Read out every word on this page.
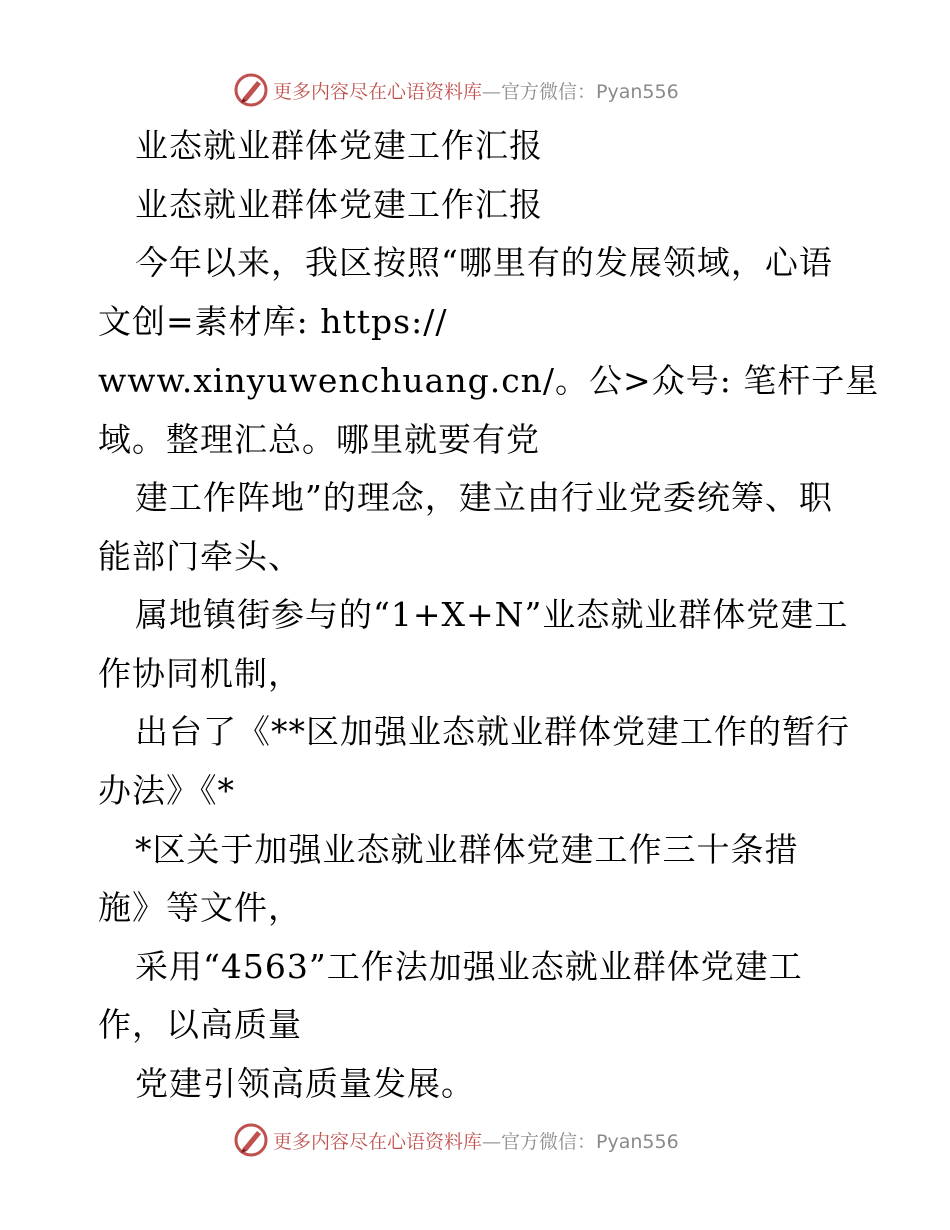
更多内容尽在心语资料库—官方微信：Pyan556
业态就业群体党建工作汇报
业态就业群体党建工作汇报
今年以来，我区按照“哪里有的发展领域，心语
文创=素材库: https://
www.xinyuwenchuang.cn/。公>众号: 笔杆子星
域。整理汇总。哪里就要有党
建工作阵地”的理念，建立由行业党委统筹、职
能部门牵头、
属地镇街参与的“1+X+N”业态就业群体党建工
作协同机制，
出台了《**区加强业态就业群体党建工作的暂行
办法》《*
*区关于加强业态就业群体党建工作三十条措
施》等文件，
采用“4563”工作法加强业态就业群体党建工
作，以高质量
党建引领高质量发展。
更多内容尽在心语资料库—官方微信：Pyan556
